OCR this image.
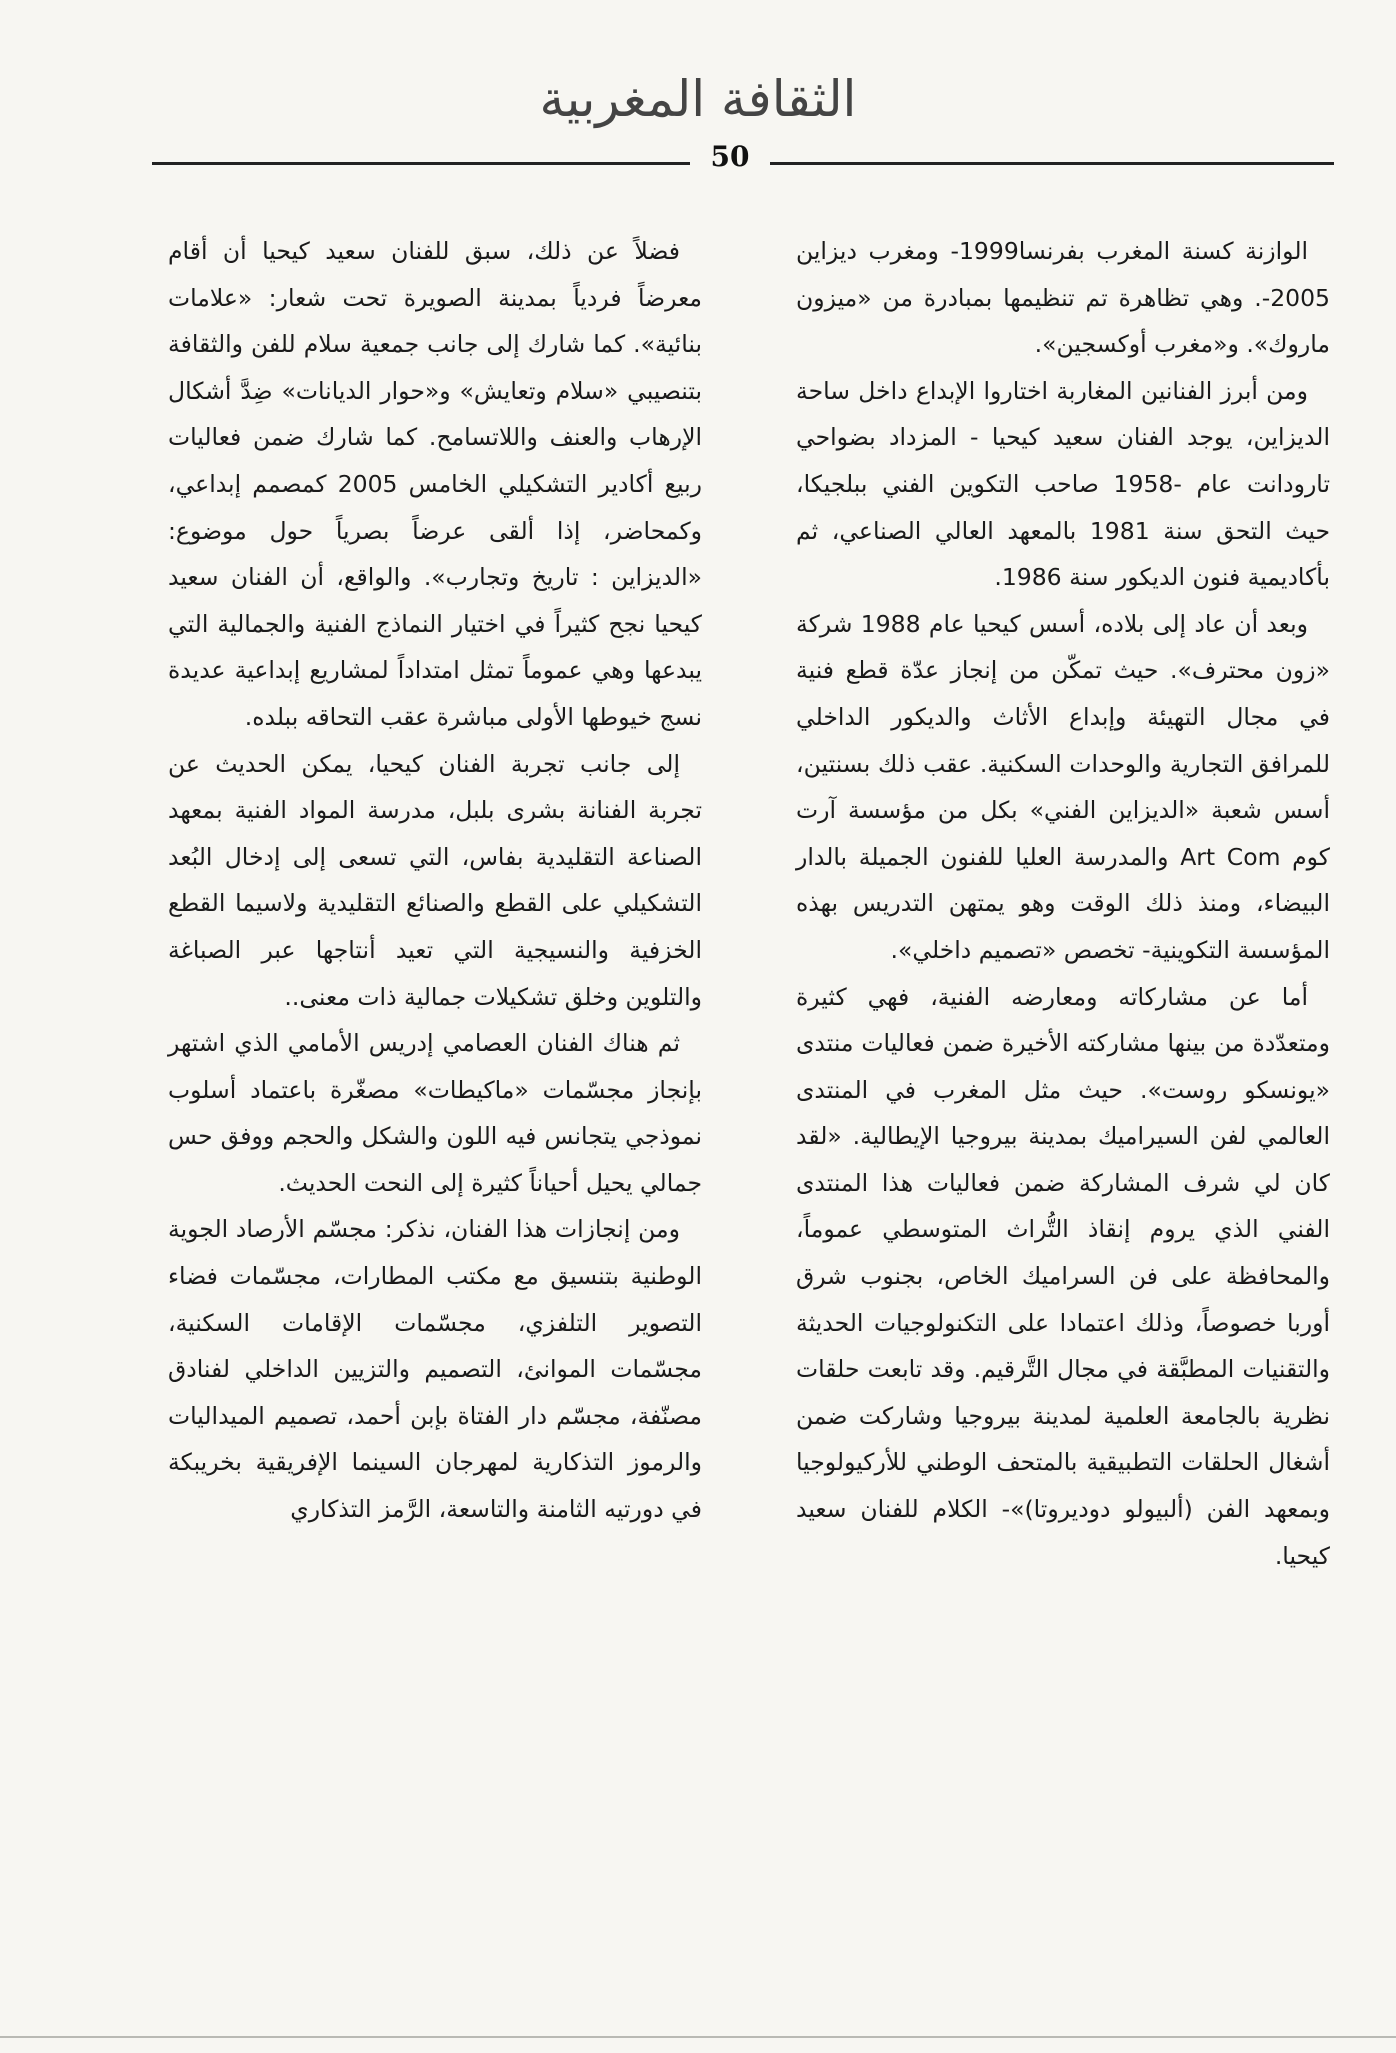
الثقافة المغربية
50

الوازنة كسنة المغرب بفرنسا1999- ومغرب ديزاين 2005-. وهي تظاهرة تم تنظيمها بمبادرة من «ميزون ماروك». و«مغرب أوكسجين».

ومن أبرز الفنانين المغاربة اختاروا الإبداع داخل ساحة الديزاين، يوجد الفنان سعيد كيحيا - المزداد بضواحي تارودانت عام -1958 صاحب التكوين الفني ببلجيكا، حيث التحق سنة 1981 بالمعهد العالي الصناعي، ثم بأكاديمية فنون الديكور سنة 1986.

وبعد أن عاد إلى بلاده، أسس كيحيا عام 1988 شركة «زون محترف». حيث تمكّن من إنجاز عدّة قطع فنية في مجال التهيئة وإبداع الأثاث والديكور الداخلي للمرافق التجارية والوحدات السكنية. عقب ذلك بسنتين، أسس شعبة «الديزاين الفني» بكل من مؤسسة آرت كوم Art Com والمدرسة العليا للفنون الجميلة بالدار البيضاء، ومنذ ذلك الوقت وهو يمتهن التدريس بهذه المؤسسة التكوينية- تخصص «تصميم داخلي».

أما عن مشاركاته ومعارضه الفنية، فهي كثيرة ومتعدّدة من بينها مشاركته الأخيرة ضمن فعاليات منتدى «يونسكو روست». حيث مثل المغرب في المنتدى العالمي لفن السيراميك بمدينة بيروجيا الإيطالية. «لقد كان لي شرف المشاركة ضمن فعاليات هذا المنتدى الفني الذي يروم إنقاذ التُّراث المتوسطي عموماً، والمحافظة على فن السراميك الخاص، بجنوب شرق أوربا خصوصاً، وذلك اعتمادا على التكنولوجيات الحديثة والتقنيات المطبَّقة في مجال التَّرقيم. وقد تابعت حلقات نظرية بالجامعة العلمية لمدينة بيروجيا وشاركت ضمن أشغال الحلقات التطبيقية بالمتحف الوطني للأركيولوجيا وبمعهد الفن (ألبيولو دوديروتا)»- الكلام للفنان سعيد كيحيا.

فضلاً عن ذلك، سبق للفنان سعيد كيحيا أن أقام معرضاً فردياً بمدينة الصويرة تحت شعار: «علامات بنائية». كما شارك إلى جانب جمعية سلام للفن والثقافة بتنصيبي «سلام وتعايش» و«حوار الديانات» ضِدَّ أشكال الإرهاب والعنف واللاتسامح. كما شارك ضمن فعاليات ربيع أكادير التشكيلي الخامس 2005 كمصمم إبداعي، وكمحاضر، إذا ألقى عرضاً بصرياً حول موضوع: «الديزاين : تاريخ وتجارب». والواقع، أن الفنان سعيد كيحيا نجح كثيراً في اختيار النماذج الفنية والجمالية التي يبدعها وهي عموماً تمثل امتداداً لمشاريع إبداعية عديدة نسج خيوطها الأولى مباشرة عقب التحاقه ببلده.

إلى جانب تجربة الفنان كيحيا، يمكن الحديث عن تجربة الفنانة بشرى بلبل، مدرسة المواد الفنية بمعهد الصناعة التقليدية بفاس، التي تسعى إلى إدخال البُعد التشكيلي على القطع والصنائع التقليدية ولاسيما القطع الخزفية والنسيجية التي تعيد أنتاجها عبر الصباغة والتلوين وخلق تشكيلات جمالية ذات معنى..

ثم هناك الفنان العصامي إدريس الأمامي الذي اشتهر بإنجاز مجسّمات «ماكيطات» مصغّرة باعتماد أسلوب نموذجي يتجانس فيه اللون والشكل والحجم ووفق حس جمالي يحيل أحياناً كثيرة إلى النحت الحديث.

ومن إنجازات هذا الفنان، نذكر: مجسّم الأرصاد الجوية الوطنية بتنسيق مع مكتب المطارات، مجسّمات فضاء التصوير التلفزي، مجسّمات الإقامات السكنية، مجسّمات الموانئ، التصميم والتزيين الداخلي لفنادق مصنّفة، مجسّم دار الفتاة بإبن أحمد، تصميم الميداليات والرموز التذكارية لمهرجان السينما الإفريقية بخريبكة في دورتيه الثامنة والتاسعة، الرَّمز التذكاري
